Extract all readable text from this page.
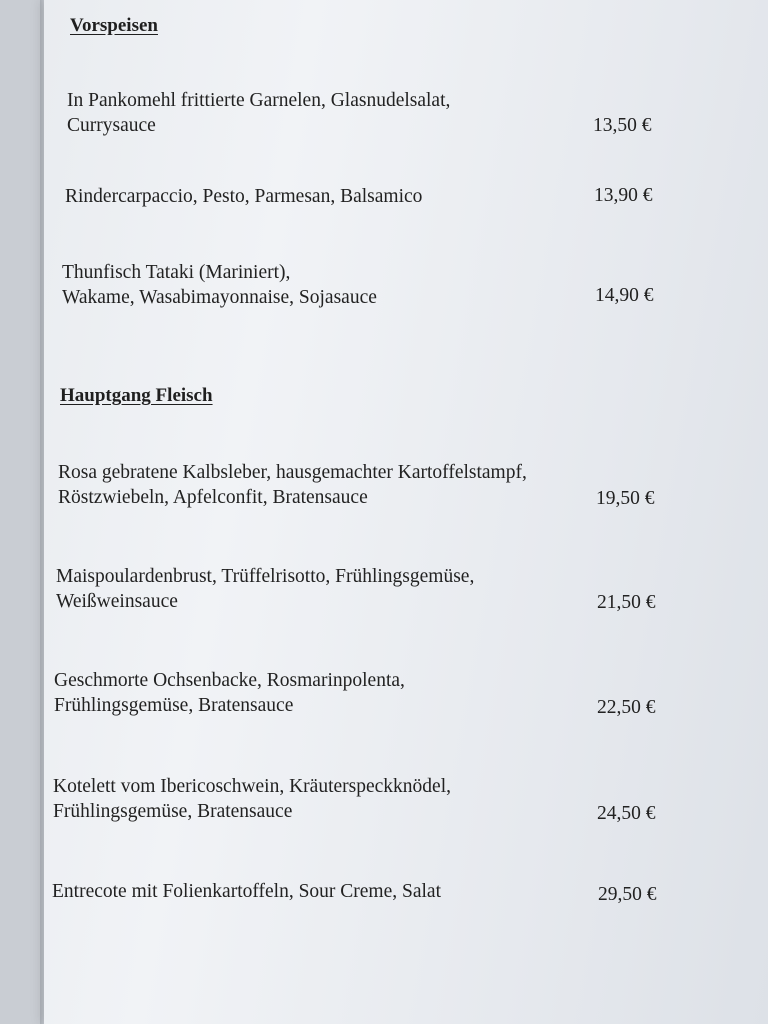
Vorspeisen
In Pankomehl frittierte Garnelen, Glasnudelsalat,
Currysauce	13,50 €
Rindercarpaccio, Pesto, Parmesan, Balsamico	13,90 €
Thunfisch Tataki (Mariniert),
Wakame, Wasabimayonnaise, Sojasauce	14,90 €
Hauptgang Fleisch
Rosa gebratene Kalbsleber, hausgemachter Kartoffelstampf,
Röstzwiebeln, Apfelconfit, Bratensauce	19,50 €
Maispoulardenbrust, Trüffelrisotto, Frühlingsgemüse,
Weißweinsauce	21,50 €
Geschmorte Ochsenbacke, Rosmarinpolenta,
Frühlingsgemüse, Bratensauce	22,50 €
Kotelett vom Ibericoschwein, Kräuterspeckknödel,
Frühlingsgemüse, Bratensauce	24,50 €
Entrecote mit Folienkartoffeln, Sour Creme, Salat	29,50 €
